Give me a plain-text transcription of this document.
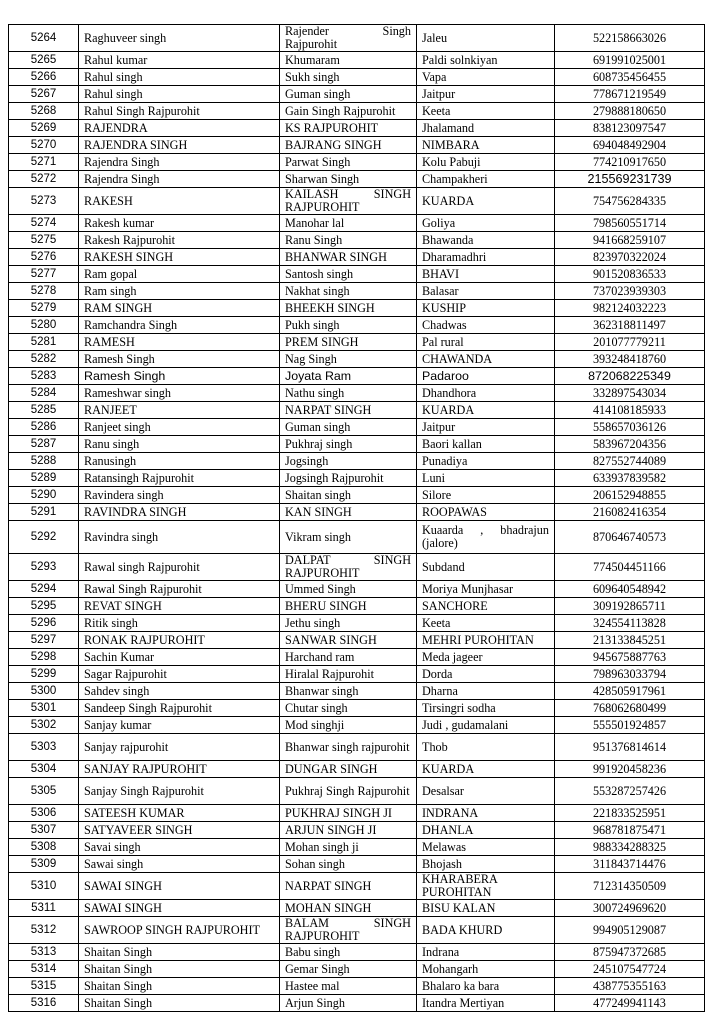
5264	Raghuveer singh	Rajender Singh Rajpurohit	Jaleu	522158663026
5265	Rahul kumar	Khumaram	Paldi solnkiyan	691991025001
5266	Rahul singh	Sukh singh	Vapa	608735456455
5267	Rahul singh	Guman singh	Jaitpur	778671219549
5268	Rahul Singh Rajpurohit	Gain Singh Rajpurohit	Keeta	279888180650
5269	RAJENDRA	KS RAJPUROHIT	Jhalamand	838123097547
5270	RAJENDRA SINGH	BAJRANG SINGH	NIMBARA	694048492904
5271	Rajendra Singh	Parwat Singh	Kolu Pabuji	774210917650
5272	Rajendra Singh	Sharwan Singh	Champakheri	215569231739
5273	RAKESH	KAILASH SINGH RAJPUROHIT	KUARDA	754756284335
5274	Rakesh kumar	Manohar lal	Goliya	798560551714
5275	Rakesh Rajpurohit	Ranu Singh	Bhawanda	941668259107
5276	RAKESH SINGH	BHANWAR SINGH	Dharamadhri	823970322024
5277	Ram gopal	Santosh singh	BHAVI	901520836533
5278	Ram singh	Nakhat singh	Balasar	737023939303
5279	RAM SINGH	BHEEKH SINGH	KUSHIP	982124032223
5280	Ramchandra Singh	Pukh singh	Chadwas	362318811497
5281	RAMESH	PREM SINGH	Pal rural	201077779211
5282	Ramesh Singh	Nag Singh	CHAWANDA	393248418760
5283	Ramesh Singh	Joyata Ram	Padaroo	872068225349
5284	Rameshwar singh	Nathu singh	Dhandhora	332897543034
5285	RANJEET	NARPAT SINGH	KUARDA	414108185933
5286	Ranjeet singh	Guman singh	Jaitpur	558657036126
5287	Ranu singh	Pukhraj singh	Baori kallan	583967204356
5288	Ranusingh	Jogsingh	Punadiya	827552744089
5289	Ratansingh Rajpurohit	Jogsingh Rajpurohit	Luni	633937839582
5290	Ravindera singh	Shaitan singh	Silore	206152948855
5291	RAVINDRA SINGH	KAN SINGH	ROOPAWAS	216082416354
5292	Ravindra singh	Vikram singh	Kuaarda , bhadrajun (jalore)	870646740573
5293	Rawal singh Rajpurohit	DALPAT SINGH RAJPUROHIT	Subdand	774504451166
5294	Rawal Singh Rajpurohit	Ummed Singh	Moriya Munjhasar	609640548942
5295	REVAT SINGH	BHERU SINGH	SANCHORE	309192865711
5296	Ritik singh	Jethu singh	Keeta	324554113828
5297	RONAK RAJPUROHIT	SANWAR SINGH	MEHRI PUROHITAN	213133845251
5298	Sachin Kumar	Harchand ram	Meda jageer	945675887763
5299	Sagar Rajpurohit	Hiralal Rajpurohit	Dorda	798963033794
5300	Sahdev singh	Bhanwar singh	Dharna	428505917961
5301	Sandeep Singh Rajpurohit	Chutar singh	Tirsingri sodha	768062680499
5302	Sanjay kumar	Mod singhji	Judi , gudamalani	555501924857
5303	Sanjay rajpurohit	Bhanwar singh rajpurohit	Thob	951376814614
5304	SANJAY RAJPUROHIT	DUNGAR SINGH	KUARDA	991920458236
5305	Sanjay Singh Rajpurohit	Pukhraj Singh Rajpurohit	Desalsar	553287257426
5306	SATEESH KUMAR	PUKHRAJ SINGH JI	INDRANA	221833525951
5307	SATYAVEER SINGH	ARJUN SINGH JI	DHANLA	968781875471
5308	Savai singh	Mohan singh ji	Melawas	988334288325
5309	Sawai singh	Sohan singh	Bhojash	311843714476
5310	SAWAI SINGH	NARPAT SINGH	KHARABERA PUROHITAN	712314350509
5311	SAWAI SINGH	MOHAN SINGH	BISU KALAN	300724969620
5312	SAWROOP SINGH RAJPUROHIT	BALAM SINGH RAJPUROHIT	BADA KHURD	994905129087
5313	Shaitan Singh	Babu singh	Indrana	875947372685
5314	Shaitan Singh	Gemar Singh	Mohangarh	245107547724
5315	Shaitan Singh	Hastee mal	Bhalaro ka bara	438775355163
5316	Shaitan Singh	Arjun Singh	Itandra Mertiyan	477249941143
